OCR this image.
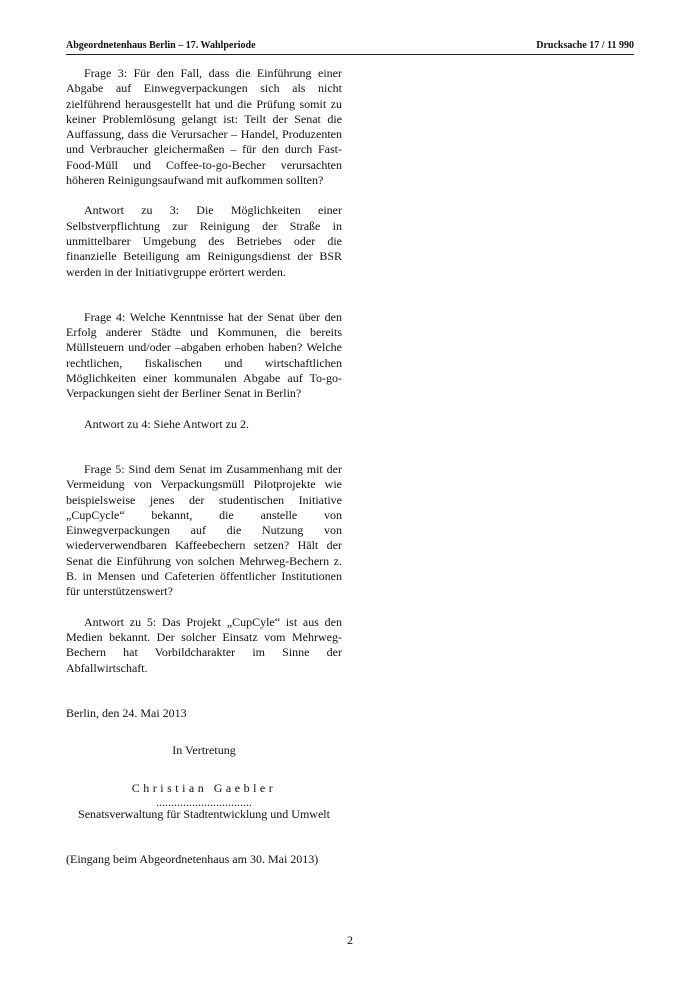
Abgeordnetenhaus Berlin – 17. Wahlperiode	Drucksache 17 / 11 990

Frage 3: Für den Fall, dass die Einführung einer Abgabe auf Einwegverpackungen sich als nicht zielführend herausgestellt hat und die Prüfung somit zu keiner Problemlösung gelangt ist: Teilt der Senat die Auffassung, dass die Verursacher – Handel, Produzenten und Verbraucher gleichermaßen – für den durch Fast-Food-Müll und Coffee-to-go-Becher verursachten höheren Reinigungsaufwand mit aufkommen sollten?

Antwort zu 3: Die Möglichkeiten einer Selbstverpflichtung zur Reinigung der Straße in unmittelbarer Umgebung des Betriebes oder die finanzielle Beteiligung am Reinigungsdienst der BSR werden in der Initiativgruppe erörtert werden.

Frage 4: Welche Kenntnisse hat der Senat über den Erfolg anderer Städte und Kommunen, die bereits Müllsteuern und/oder –abgaben erhoben haben? Welche rechtlichen, fiskalischen und wirtschaftlichen Möglichkeiten einer kommunalen Abgabe auf To-go-Verpackungen sieht der Berliner Senat in Berlin?

Antwort zu 4: Siehe Antwort zu 2.

Frage 5: Sind dem Senat im Zusammenhang mit der Vermeidung von Verpackungsmüll Pilotprojekte wie beispielsweise jenes der studentischen Initiative „CupCycle“ bekannt, die anstelle von Einwegverpackungen auf die Nutzung von wiederverwendbaren Kaffeebechern setzen? Hält der Senat die Einführung von solchen Mehrweg-Bechern z. B. in Mensen und Cafeterien öffentlicher Institutionen für unterstützenswert?

Antwort zu 5: Das Projekt „CupCyle“ ist aus den Medien bekannt. Der solcher Einsatz vom Mehrweg-Bechern hat Vorbildcharakter im Sinne der Abfallwirtschaft.

Berlin, den 24. Mai 2013

In Vertretung

Christian Gaebler

................................

Senatsverwaltung für Stadtentwicklung und Umwelt

(Eingang beim Abgeordnetenhaus am 30. Mai 2013)

2
